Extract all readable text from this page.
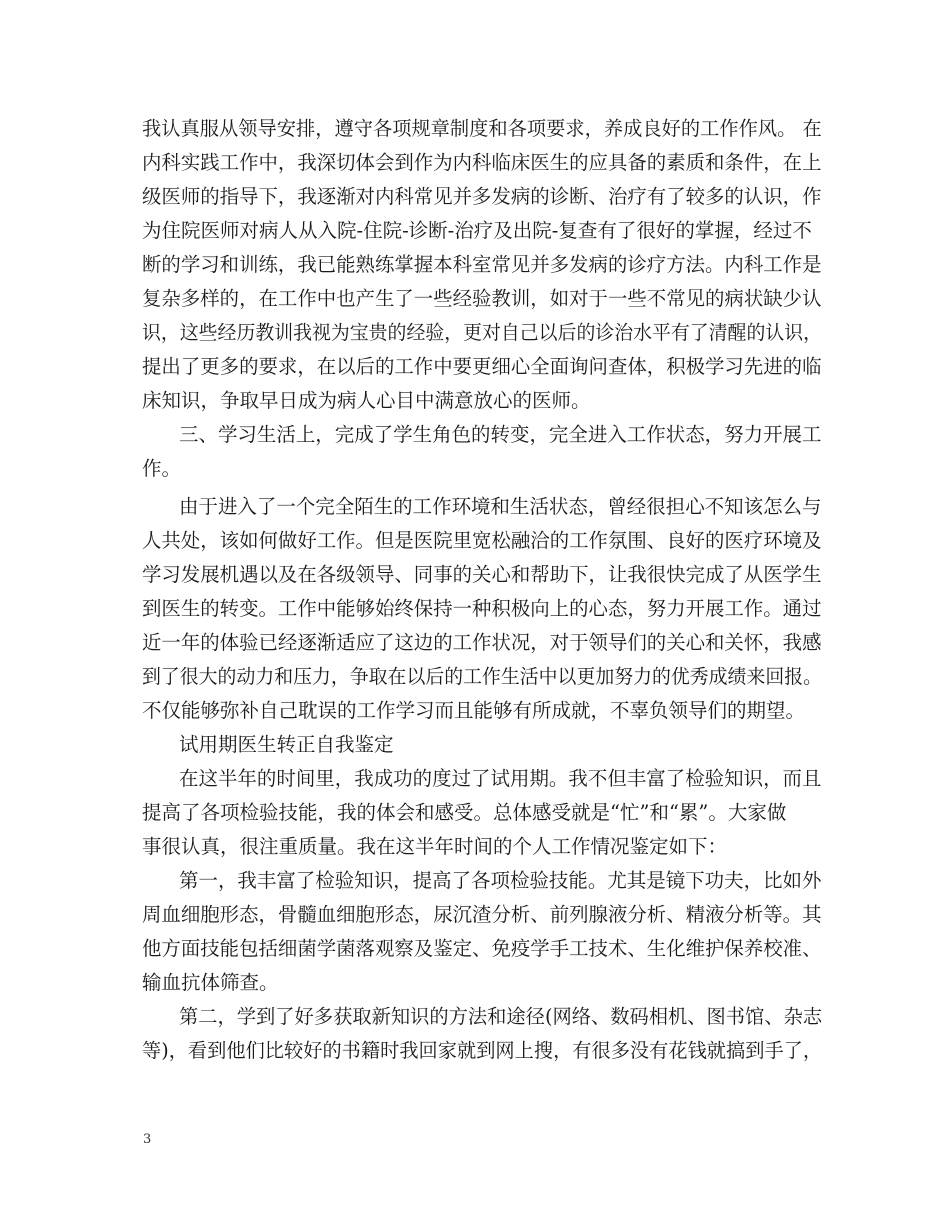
我认真服从领导安排，遵守各项规章制度和各项要求，养成良好的工作作风。 在
内科实践工作中，我深切体会到作为内科临床医生的应具备的素质和条件，在上
级医师的指导下，我逐渐对内科常见并多发病的诊断、治疗有了较多的认识，作
为住院医师对病人从入院-住院-诊断-治疗及出院-复查有了很好的掌握，经过不
断的学习和训练，我已能熟练掌握本科室常见并多发病的诊疗方法。内科工作是
复杂多样的，在工作中也产生了一些经验教训，如对于一些不常见的病状缺少认
识，这些经历教训我视为宝贵的经验，更对自己以后的诊治水平有了清醒的认识，
提出了更多的要求，在以后的工作中要更细心全面询问查体，积极学习先进的临
床知识，争取早日成为病人心目中满意放心的医师。
三、学习生活上，完成了学生角色的转变，完全进入工作状态，努力开展工
作。
由于进入了一个完全陌生的工作环境和生活状态，曾经很担心不知该怎么与
人共处，该如何做好工作。但是医院里宽松融洽的工作氛围、良好的医疗环境及
学习发展机遇以及在各级领导、同事的关心和帮助下，让我很快完成了从医学生
到医生的转变。工作中能够始终保持一种积极向上的心态，努力开展工作。通过
近一年的体验已经逐渐适应了这边的工作状况，对于领导们的关心和关怀，我感
到了很大的动力和压力，争取在以后的工作生活中以更加努力的优秀成绩来回报。
不仅能够弥补自己耽误的工作学习而且能够有所成就，不辜负领导们的期望。
试用期医生转正自我鉴定
在这半年的时间里，我成功的度过了试用期。我不但丰富了检验知识，而且
提高了各项检验技能，我的体会和感受。总体感受就是“忙”和“累”。大家做
事很认真，很注重质量。我在这半年时间的个人工作情况鉴定如下：
第一，我丰富了检验知识，提高了各项检验技能。尤其是镜下功夫，比如外
周血细胞形态，骨髓血细胞形态，尿沉渣分析、前列腺液分析、精液分析等。其
他方面技能包括细菌学菌落观察及鉴定、免疫学手工技术、生化维护保养校准、
输血抗体筛查。
第二，学到了好多获取新知识的方法和途径(网络、数码相机、图书馆、杂志
等)，看到他们比较好的书籍时我回家就到网上搜，有很多没有花钱就搞到手了，
3
